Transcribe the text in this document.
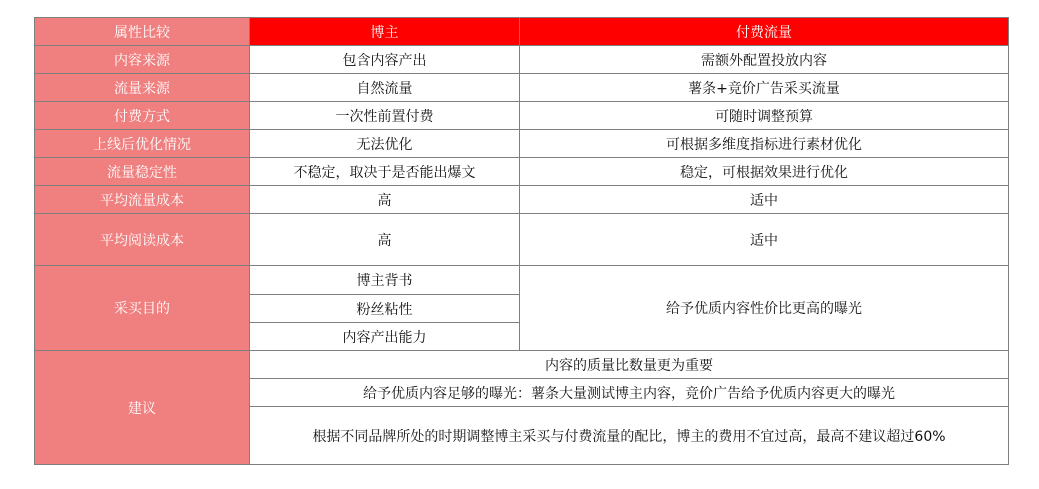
属性比较	博主	付费流量
内容来源	包含内容产出	需额外配置投放内容
流量来源	自然流量	薯条+竞价广告采买流量
付费方式	一次性前置付费	可随时调整预算
上线后优化情况	无法优化	可根据多维度指标进行素材优化
流量稳定性	不稳定，取决于是否能出爆文	稳定，可根据效果进行优化
平均流量成本	高	适中
平均阅读成本	高	适中
采买目的	博主背书	给予优质内容性价比更高的曝光
	粉丝粘性	
	内容产出能力	
建议	内容的质量比数量更为重要	
	给予优质内容足够的曝光：薯条大量测试博主内容，竞价广告给予优质内容更大的曝光	
	根据不同品牌所处的时期调整博主采买与付费流量的配比，博主的费用不宜过高，最高不建议超过60%	
